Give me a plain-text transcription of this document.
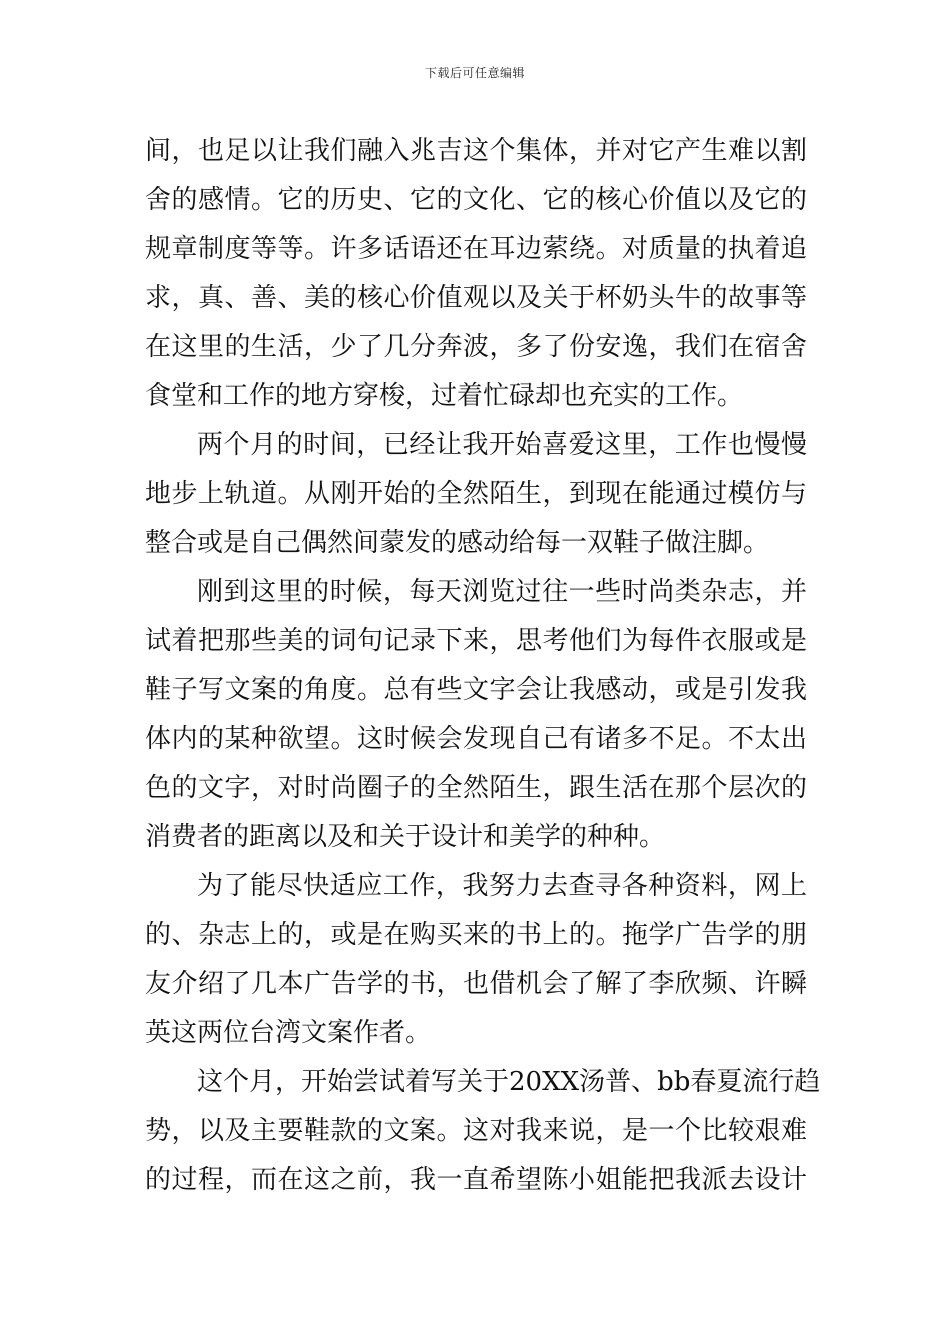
下载后可任意编辑
间，也足以让我们融入兆吉这个集体，并对它产生难以割
舍的感情。它的历史、它的文化、它的核心价值以及它的
规章制度等等。许多话语还在耳边萦绕。对质量的执着追
求，真、善、美的核心价值观以及关于杯奶头牛的故事等
在这里的生活，少了几分奔波，多了份安逸，我们在宿舍
食堂和工作的地方穿梭，过着忙碌却也充实的工作。
两个月的时间，已经让我开始喜爱这里，工作也慢慢
地步上轨道。从刚开始的全然陌生，到现在能通过模仿与
整合或是自己偶然间蒙发的感动给每一双鞋子做注脚。
刚到这里的时候，每天浏览过往一些时尚类杂志，并
试着把那些美的词句记录下来，思考他们为每件衣服或是
鞋子写文案的角度。总有些文字会让我感动，或是引发我
体内的某种欲望。这时候会发现自己有诸多不足。不太出
色的文字，对时尚圈子的全然陌生，跟生活在那个层次的
消费者的距离以及和关于设计和美学的种种。
为了能尽快适应工作，我努力去查寻各种资料，网上
的、杂志上的，或是在购买来的书上的。拖学广告学的朋
友介绍了几本广告学的书，也借机会了解了李欣频、许瞬
英这两位台湾文案作者。
这个月，开始尝试着写关于20XX汤普、bb春夏流行趋
势，以及主要鞋款的文案。这对我来说，是一个比较艰难
的过程，而在这之前，我一直希望陈小姐能把我派去设计
